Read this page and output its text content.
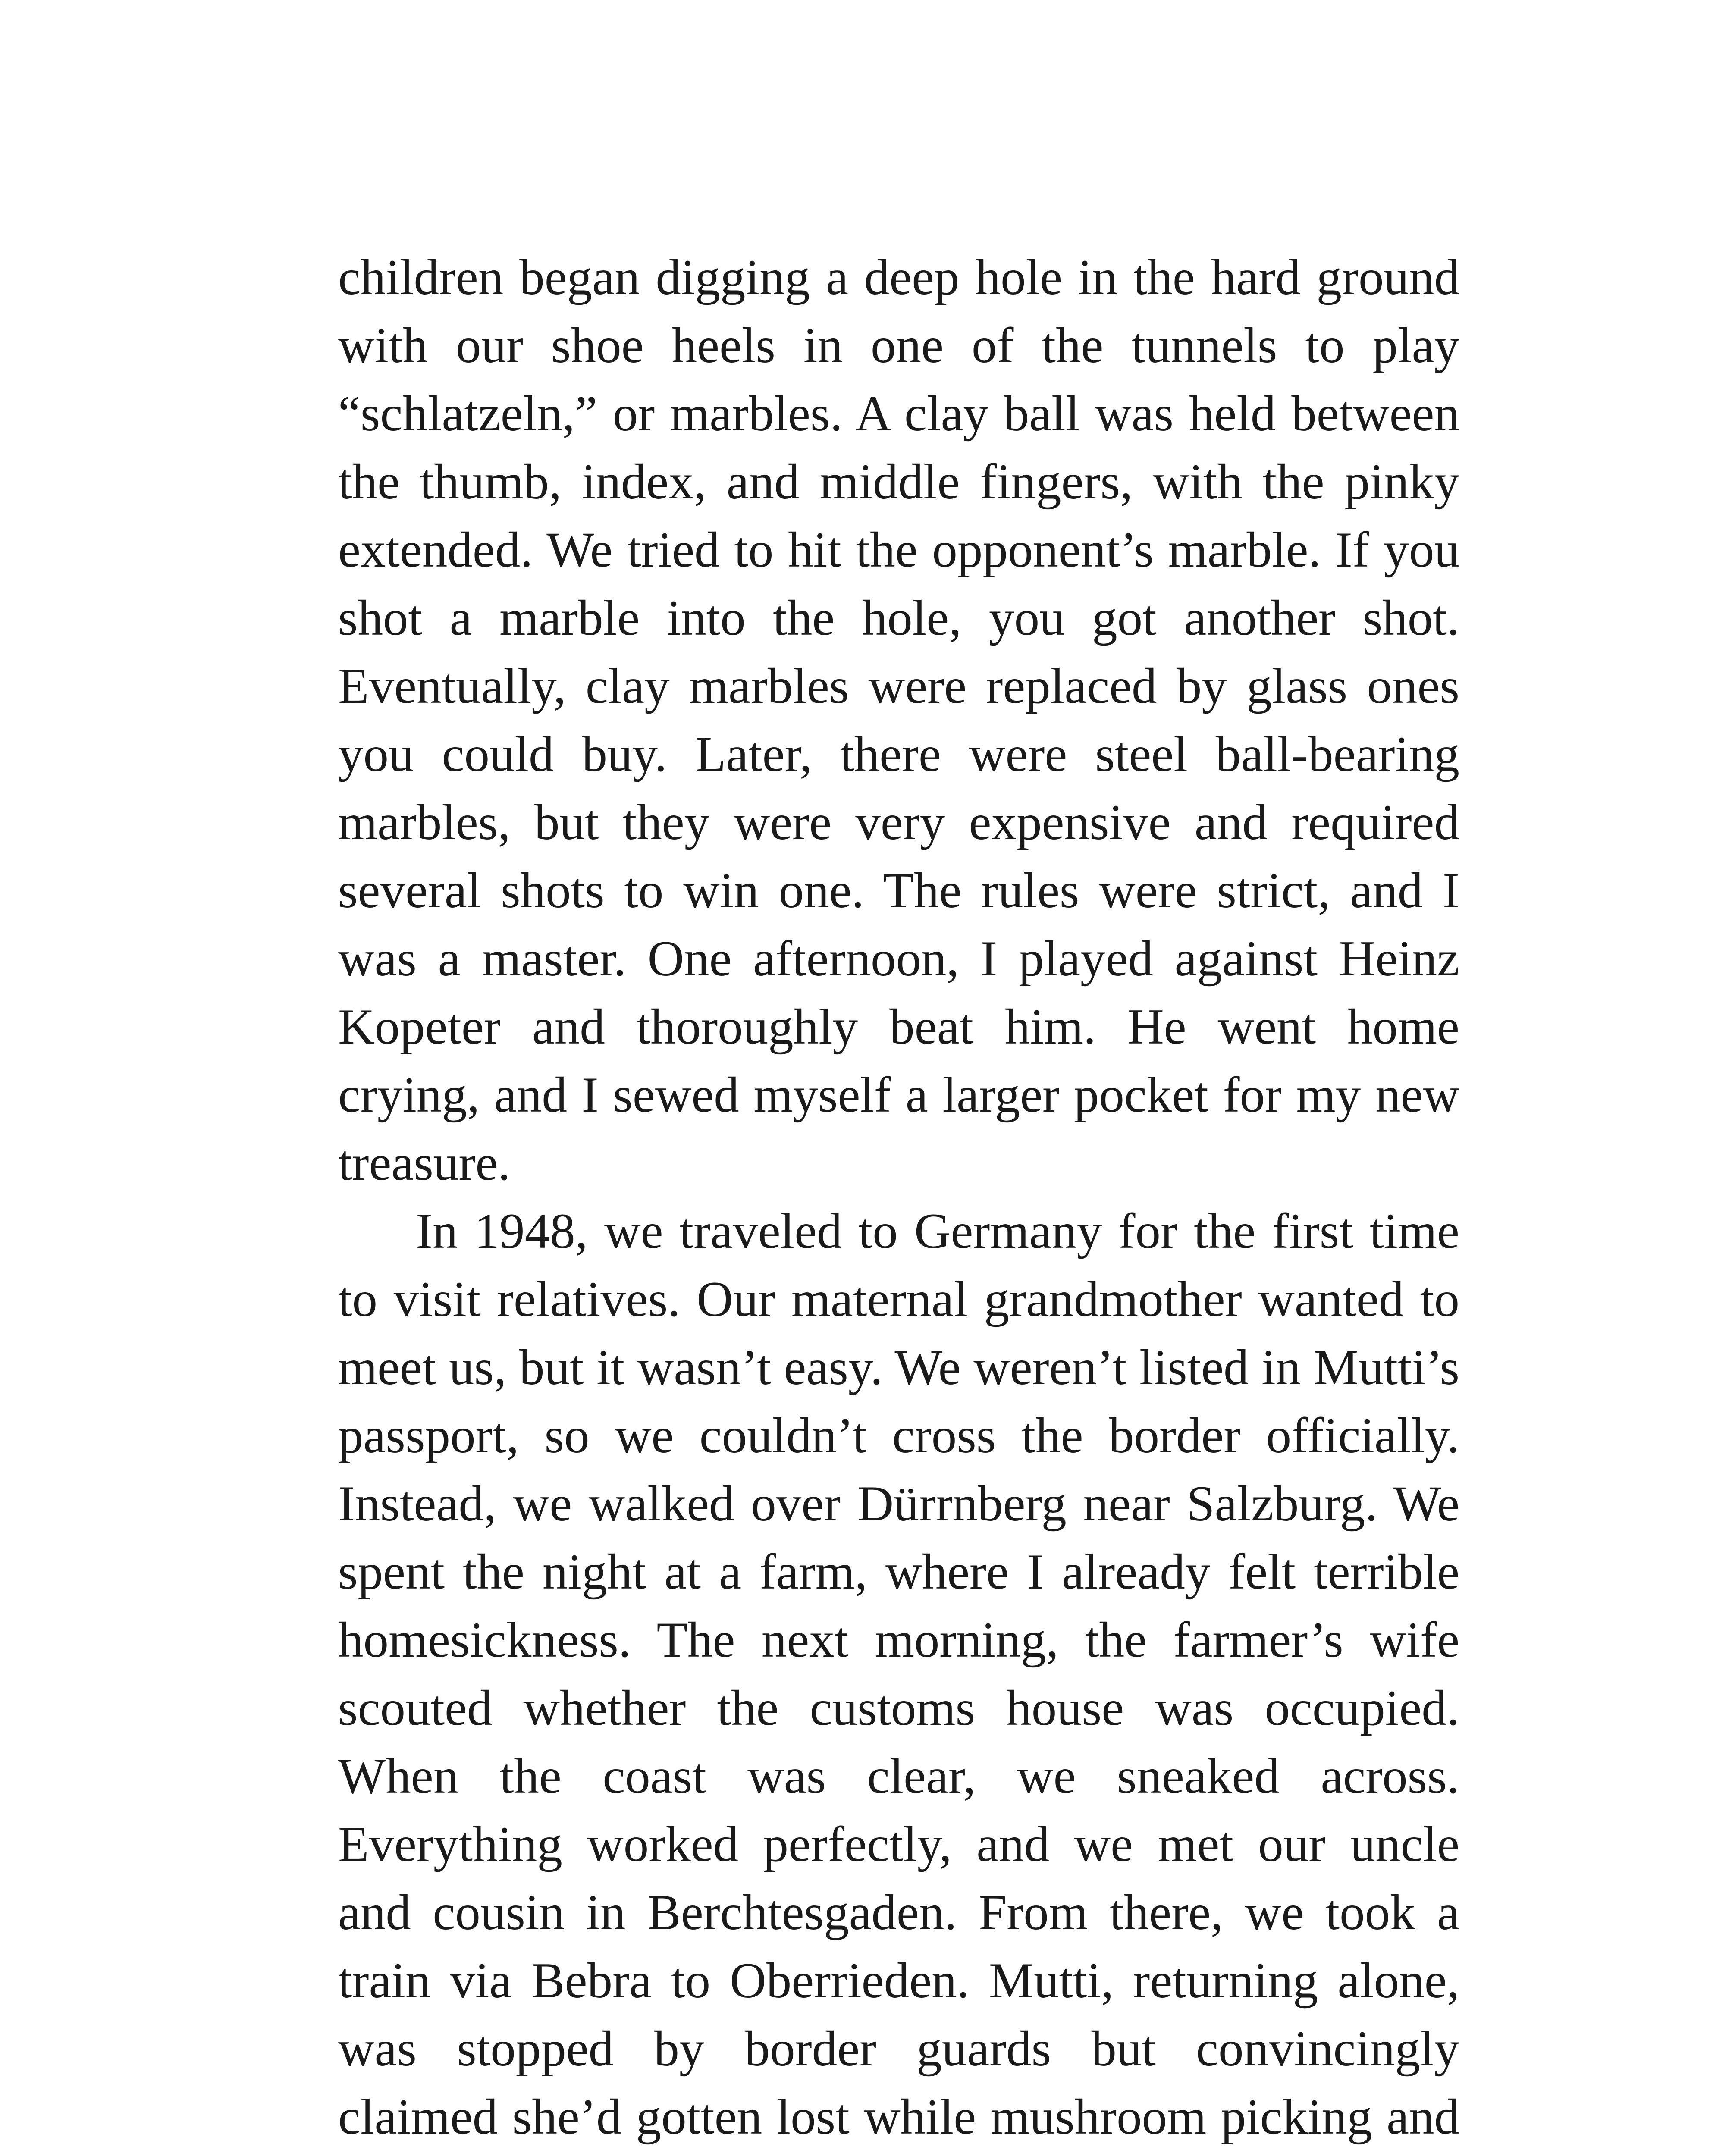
children began digging a deep hole in the hard ground with our shoe heels in one of the tunnels to play “schlatzeln,” or marbles. A clay ball was held between the thumb, index, and middle fingers, with the pinky extended. We tried to hit the opponent’s marble. If you shot a marble into the hole, you got another shot. Eventually, clay marbles were replaced by glass ones you could buy. Later, there were steel ball-bearing marbles, but they were very expensive and required several shots to win one. The rules were strict, and I was a master. One afternoon, I played against Heinz Kopeter and thoroughly beat him. He went home crying, and I sewed myself a larger pocket for my new treasure.

In 1948, we traveled to Germany for the first time to visit relatives. Our maternal grandmother wanted to meet us, but it wasn’t easy. We weren’t listed in Mutti’s passport, so we couldn’t cross the border officially. Instead, we walked over Dürrnberg near Salzburg. We spent the night at a farm, where I already felt terrible homesickness. The next morning, the farmer’s wife scouted whether the customs house was occupied. When the coast was clear, we sneaked across. Everything worked perfectly, and we met our uncle and cousin in Berchtesgaden. From there, we took a train via Bebra to Oberrieden. Mutti, returning alone, was stopped by border guards but convincingly claimed she’d gotten lost while mushroom picking and
